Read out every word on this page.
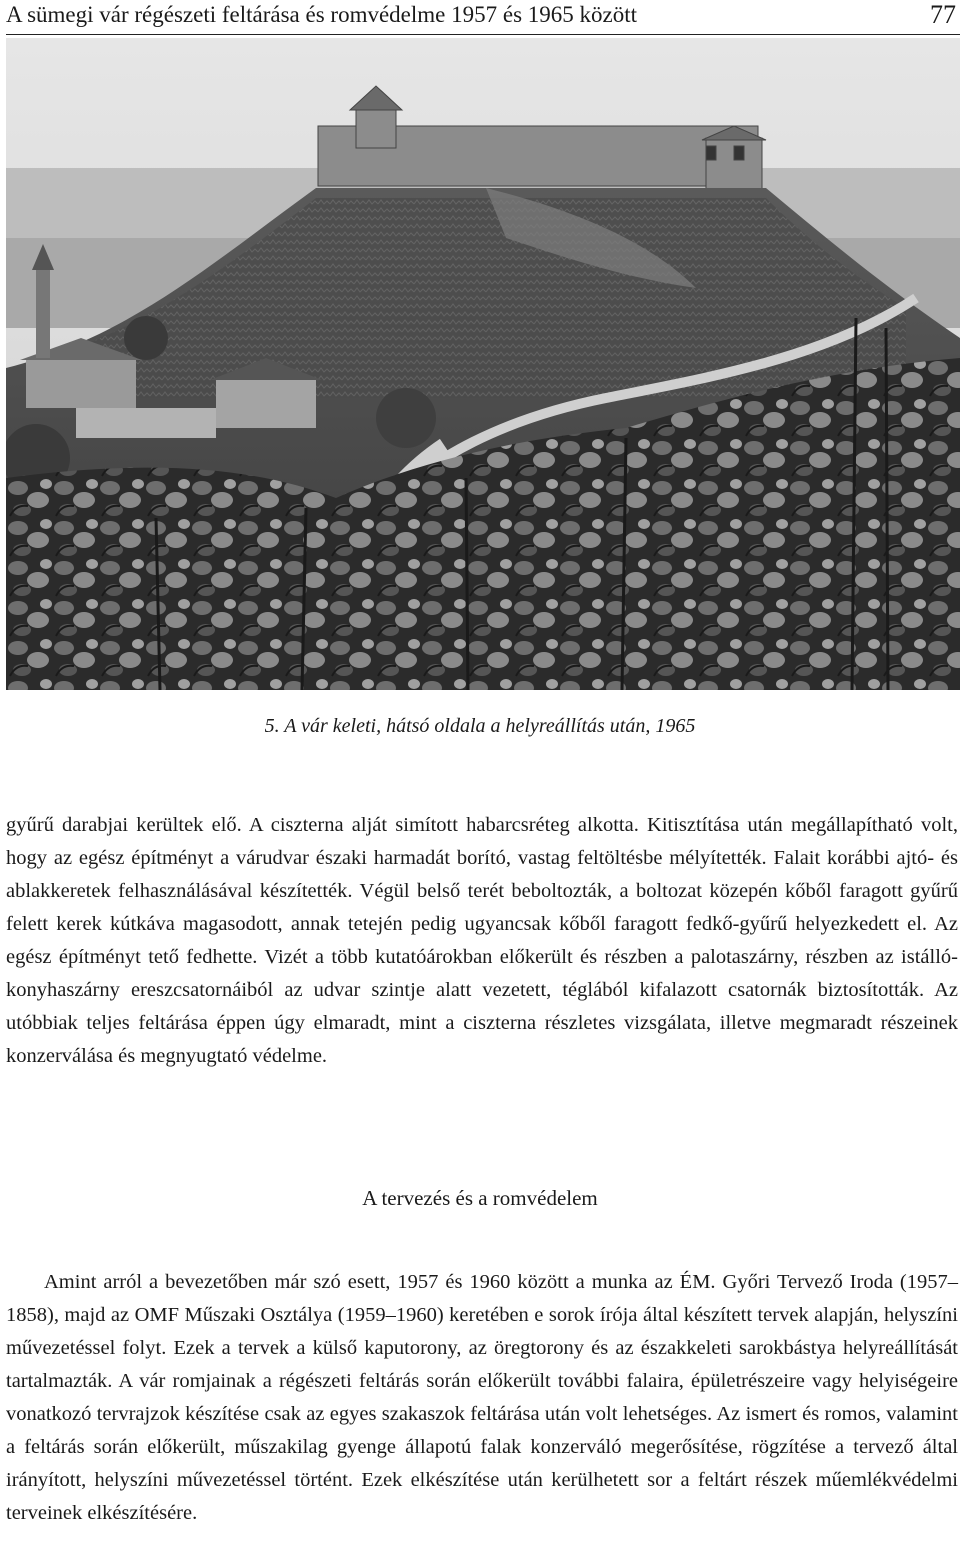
A sümegi vár régészeti feltárása és romvédelme 1957 és 1965 között	77
5. A vár keleti, hátsó oldala a helyreállítás után, 1965

gyűrű darabjai kerültek elő. A ciszterna alját simított habarcsréteg alkotta. Kitisztítása után megállapítható volt, hogy az egész építményt a várudvar északi harmadát borító, vastag feltöltésbe mélyítették. Falait korábbi ajtó- és ablakkeretek felhasználásával készítették. Végül belső terét beboltozták, a boltozat közepén kőből faragott gyűrű felett kerek kútkáva magasodott, annak tetején pedig ugyancsak kőből faragott fedkő-gyűrű helyezkedett el. Az egész építményt tető fedhette. Vizét a több kutatóárokban előkerült és részben a palotaszárny, részben az istálló-konyhaszárny ereszcsatornáiból az udvar szintje alatt vezetett, téglából kifalazott csatornák biztosították. Az utóbbiak teljes feltárása éppen úgy elmaradt, mint a ciszterna részletes vizsgálata, illetve megmaradt részeinek konzerválása és megnyugtató védelme.

A tervezés és a romvédelem

Amint arról a bevezetőben már szó esett, 1957 és 1960 között a munka az ÉM. Győri Tervező Iroda (1957–1858), majd az OMF Műszaki Osztálya (1959–1960) keretében e sorok írója által készített tervek alapján, helyszíni művezetéssel folyt. Ezek a tervek a külső kaputorony, az öregtorony és az északkeleti sarokbástya helyreállítását tartalmazták. A vár romjainak a régészeti feltárás során előkerült további falaira, épületrészeire vagy helyiségeire vonatkozó tervrajzok készítése csak az egyes szakaszok feltárása után volt lehetséges. Az ismert és romos, valamint a feltárás során előkerült, műszakilag gyenge állapotú falak konzerváló megerősítése, rögzítése a tervező által irányított, helyszíni művezetéssel történt. Ezek elkészítése után kerülhetett sor a feltárt részek műemlékvédelmi terveinek elkészítésére.
